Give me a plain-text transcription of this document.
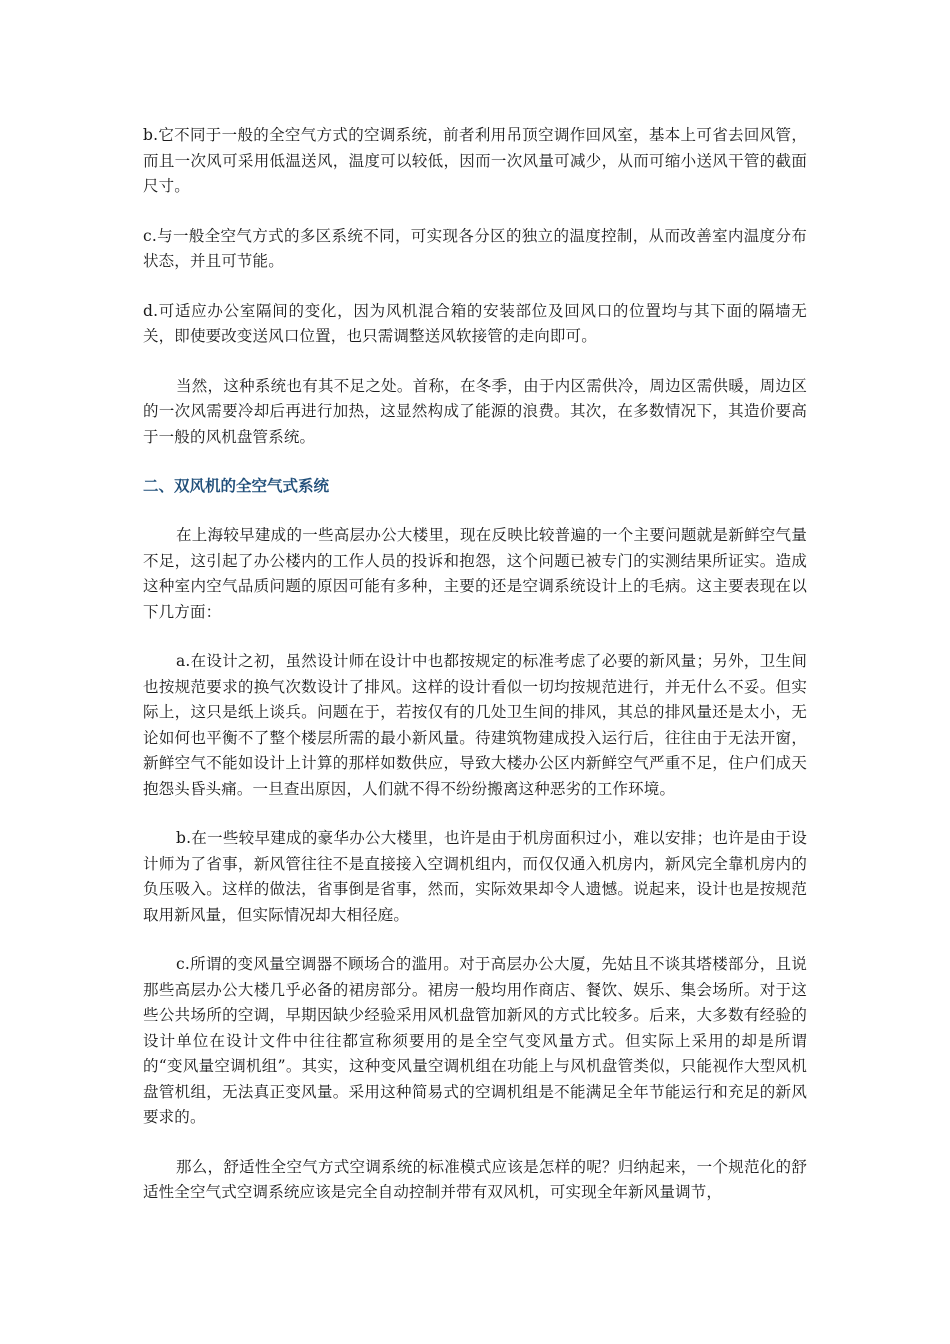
b.它不同于一般的全空气方式的空调系统，前者利用吊顶空调作回风室，基本上可省去回风管，而且一次风可采用低温送风，温度可以较低，因而一次风量可减少，从而可缩小送风干管的截面尺寸。

c.与一般全空气方式的多区系统不同，可实现各分区的独立的温度控制，从而改善室内温度分布状态，并且可节能。

d.可适应办公室隔间的变化，因为风机混合箱的安装部位及回风口的位置均与其下面的隔墙无关，即使要改变送风口位置，也只需调整送风软接管的走向即可。

当然，这种系统也有其不足之处。首称，在冬季，由于内区需供冷，周边区需供暖，周边区的一次风需要冷却后再进行加热，这显然构成了能源的浪费。其次，在多数情况下，其造价要高于一般的风机盘管系统。

二、双风机的全空气式系统

在上海较早建成的一些高层办公大楼里，现在反映比较普遍的一个主要问题就是新鲜空气量不足，这引起了办公楼内的工作人员的投诉和抱怨，这个问题已被专门的实测结果所证实。造成这种室内空气品质问题的原因可能有多种，主要的还是空调系统设计上的毛病。这主要表现在以下几方面：

a.在设计之初，虽然设计师在设计中也都按规定的标准考虑了必要的新风量；另外，卫生间也按规范要求的换气次数设计了排风。这样的设计看似一切均按规范进行，并无什么不妥。但实际上，这只是纸上谈兵。问题在于，若按仅有的几处卫生间的排风，其总的排风量还是太小，无论如何也平衡不了整个楼层所需的最小新风量。待建筑物建成投入运行后，往往由于无法开窗，新鲜空气不能如设计上计算的那样如数供应，导致大楼办公区内新鲜空气严重不足，住户们成天抱怨头昏头痛。一旦查出原因，人们就不得不纷纷搬离这种恶劣的工作环境。

b.在一些较早建成的豪华办公大楼里，也许是由于机房面积过小，难以安排；也许是由于设计师为了省事，新风管往往不是直接接入空调机组内，而仅仅通入机房内，新风完全靠机房内的负压吸入。这样的做法，省事倒是省事，然而，实际效果却令人遗憾。说起来，设计也是按规范取用新风量，但实际情况却大相径庭。

c.所谓的变风量空调器不顾场合的滥用。对于高层办公大厦，先姑且不谈其塔楼部分，且说那些高层办公大楼几乎必备的裙房部分。裙房一般均用作商店、餐饮、娱乐、集会场所。对于这些公共场所的空调，早期因缺少经验采用风机盘管加新风的方式比较多。后来，大多数有经验的设计单位在设计文件中往往都宣称须要用的是全空气变风量方式。但实际上采用的却是所谓的“变风量空调机组”。其实，这种变风量空调机组在功能上与风机盘管类似，只能视作大型风机盘管机组，无法真正变风量。采用这种简易式的空调机组是不能满足全年节能运行和充足的新风要求的。

那么，舒适性全空气方式空调系统的标准模式应该是怎样的呢？归纳起来，一个规范化的舒适性全空气式空调系统应该是完全自动控制并带有双风机，可实现全年新风量调节，
